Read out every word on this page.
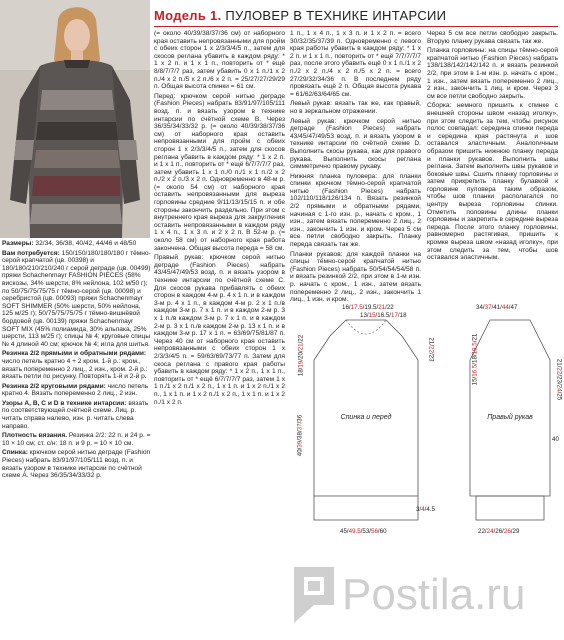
Размеры: 32/34, 36/38, 40/42, 44/46 и 48/50

Вам потребуется: 150/150/180/180/180 г тёмно-серой крапчатой (цв. 00398) и 180/180/210/210/240 г серой деграде (цв. 00499) пряжи Schachenmayr FASHION PIECES (58% вискозы, 34% шерсти, 8% нейлона, 102 м/50 г); по 50/75/75/75/75 г тёмно-серой (цв. 00098) и серебристой (цв. 00093) пряжи Schachenmayr SOFT SHIMMER (50% шерсти, 50% нейлона, 125 м/25 г); 50/75/75/75/75 г тёмно-вишнёвой бордовой (цв. 00139) пряжи Schachenmayr SOFT MIX (45% полиамида, 30% альпака, 25% шерсти, 113 м/25 г); спицы № 4; круговые спицы № 4 длиной 40 см; крючок № 4; игла для шитья.

Резинка 2/2 прямыми и обратными рядами: число петель кратно 4 + 2 кром. 1-й р.: кром., вязать попеременно 2 лиц., 2 изн., кром. 2-й р.: вязать петли по рисунку. Повторять 1-й и 2-й р.

Резинка 2/2 круговыми рядами: число петель кратно 4. Вязать попеременно 2 лиц., 2 изн.

Узоры A, B, C и D в технике интарсии: вязать по соответствующей счётной схеме. Лиц. р. читать справа налево, изн. р. читать слева направо.

Плотность вязания. Резинка 2/2: 22 п. и 24 р. = 10 × 10 см; ст. с/н: 18 п. и 9 р. = 10 × 10 см.

Спинка: крючком серой нитью деграде (Fashion Pieces) набрать 83/91/97/105/111 возд. п. и вязать узором в технике интарсии по счётной схеме А. Через 36/35/34/33/32 р.

Модель 1. ПУЛОВЕР В ТЕХНИКЕ ИНТАРСИИ

(= около 40/39/38/37/36 см) от наборного края оставить непровязанными для пройм с обеих сторон 1 x 2/3/3/4/5 п., затем для скосов реглана убавить в каждом ряду: * 1 x 2 п. и 1 x 1 п., повторить от * ещё 8/8/7/7/7 раз, затем убавить 0 x 1 п./1 x 2 п./4 x 2 п./5 x 2 п./6 x 2 п. = 25/27/27/29/29 п. Общая высота спинки = 61 см.

Перед: крючком серой нитью деграде (Fashion Pieces) набрать 83/91/97/105/111 возд. п. и вязать узором в технике интарсии по счётной схеме В. Через 36/35/34/33/32 р. (= около 40/39/38/37/36 см) от наборного края оставить непровязанными для пройм с обеих сторон 1 x 2/3/3/4/5 п., затем для скосов реглана убавить в каждом ряду: * 1 x 2 п. и 1 x 1 п., повторить от * ещё 6/7/7/7/7 раз, затем убавить 1 x 1 п./0 п./1 x 1 п./2 x 2 п./2 x 2 п./3 x 2 п. Одновременно в 48-м р. (= около 54 см) от наборного края оставить непровязанными для выреза горловины средние 9/11/13/15/15 п. и обе стороны закончить раздельно. При этом с внутреннего края выреза для закругления оставить непровязанными в каждом ряду 1 x 4 п., 1 x 3 п. и 2 x 2 п. В 52-м р. (= около 58 см) от наборного края работа закончена. Общая высота переда = 58 см.

Правый рукав: крючком серой нитью деграде (Fashion Pieces) набрать 43/45/47/49/53 возд. п. и вязать узором в технике интарсии по счётной схеме С. Для скосов рукава прибавлять с обеих сторон в каждом 4-м р. 4 x 1 п. и в каждом 3-м р. 4 x 1 п., в каждом 4-м р. 2 x 1 п./в каждом 3-м р. 7 x 1 п. и в каждом 2-м р. 3 x 1 п./в каждом 3-м р. 7 x 1 п. и в каждом 2-м р. 3 x 1 п./в каждом 2-м р. 13 x 1 п. и в каждом 3-м р. 17 x 1 п. = 63/69/75/81/87 п. Через 40 см от наборного края оставить непровязанными с обеих сторон 1 x 2/3/3/4/5 п. = 59/63/69/73/77 п. Затем для скоса реглана с правого края работы убавить в каждом ряду: * 1 x 2 п., 1 x 1 п., повторить от * ещё 6/7/7/7/7 раз, затем 1 x 1 п./1 x 2 п./1 x 2 п., 1 x 1 п. и 1 x 2 п./1 x 2 п., 1 x 1 п. и 1 x 2 п./1 x 2 п., 1 x 1 п. и 1 x 2 п./1 x 2 п.

1 п., 1 x 4 п., 1 x 3 п. и 1 x 2 п. = всего 30/32/35/37/39 п. Одновременно с левого края работы убавить в каждом ряду: * 1 x 2 п. и 1 x 1 п., повторить от * ещё 7/7/7/7/7 раз, после этого убавить ещё 0 x 1 п./1 x 2 п./2 x 2 п./4 x 2 п./5 x 2 п. = всего 27/29/32/34/36 п. В последнем ряду провязать ещё 2 п. Общая высота рукава = 61/62/63/64/65 см.

Левый рукав: вязать так же, как правый, но в зеркальном отражении.

Левый рукав: крючком серой нитью деграде (Fashion Pieces) набрать 43/45/47/49/53 возд. п. и вязать узором в технике интарсии по счётной схеме D. Выполнить скосы рукава, как для правого рукава. Выполнить скосы реглана симметрично правому рукаву.

Нижняя планка пуловера: для планки спинки крючком тёмно-серой крапчатой нитью (Fashion Pieces) набрать 102/110/118/126/134 п. Вязать резинкой 2/2 прямыми и обратными рядами, начиная с 1-го изн. р., начать с кром., 1 изн., затем вязать попеременно 2 лиц., 2 изн., закончить 1 изн. и кром. Через 5 см все петли свободно закрыть. Планку переда связать так же.

Планки рукавов: для каждой планки на спицы тёмно-серой крапчатой нитью (Fashion Pieces) набрать 50/54/54/54/58 п. и вязать резинкой 2/2, при этом в 1-м изн. р. начать с кром., 1 изн., затем вязать попеременно 2 лиц., 2 изн., закончить 1 лиц., 1 изн. и кром.

Через 5 см все петли свободно закрыть. Вторую планку рукава связать так же.

Планка горловины: на спицы тёмно-серой крапчатой нитью (Fashion Pieces) набрать 138/138/142/142/142 п. и вязать резинкой 2/2, при этом в 1-м изн. р. начать с кром., 1 изн., затем вязать попеременно 2 лиц., 2 изн., закончить 1 лиц. и кром. Через 3 см все петли свободно закрыть.

Сборка: немного пришить к спинке с внешней стороны швом «назад иголку», при этом следить за тем, чтобы рисунок полос совпадал: середина спинки переда и середина края растянута и шов оставался эластичным. Аналогичным образом пришить нижнюю планку переда и планки рукавов. Выполнить швы реглана. Затем выполнить швы рукавов и боковые швы. Сшить планку горловины и затем прикрепить планку булавкой к горловине пуловера таким образом, чтобы шов планки располагался по центру выреза горловины спинки. Отметить половины длины планки горловины и закрепить в середине выреза переда. После этого планку горловины, равномерно растягивая, пришить к кромке выреза швом «назад иголку», при этом следить за тем, чтобы шов оставался эластичным.

Спинка и перед	Правый рукав
16/17.5/19.5/21/22
13/15/16.5/17/18
45/49.5/53/56/60
40/39/38/37/36
18/19/20/21/22	21/22/23
3/4/4.5
34/37/41/44/47
15/16.5/18/19.5/21
21/22/23/24/25
40
22/24/26/26/29
Postila.ru
